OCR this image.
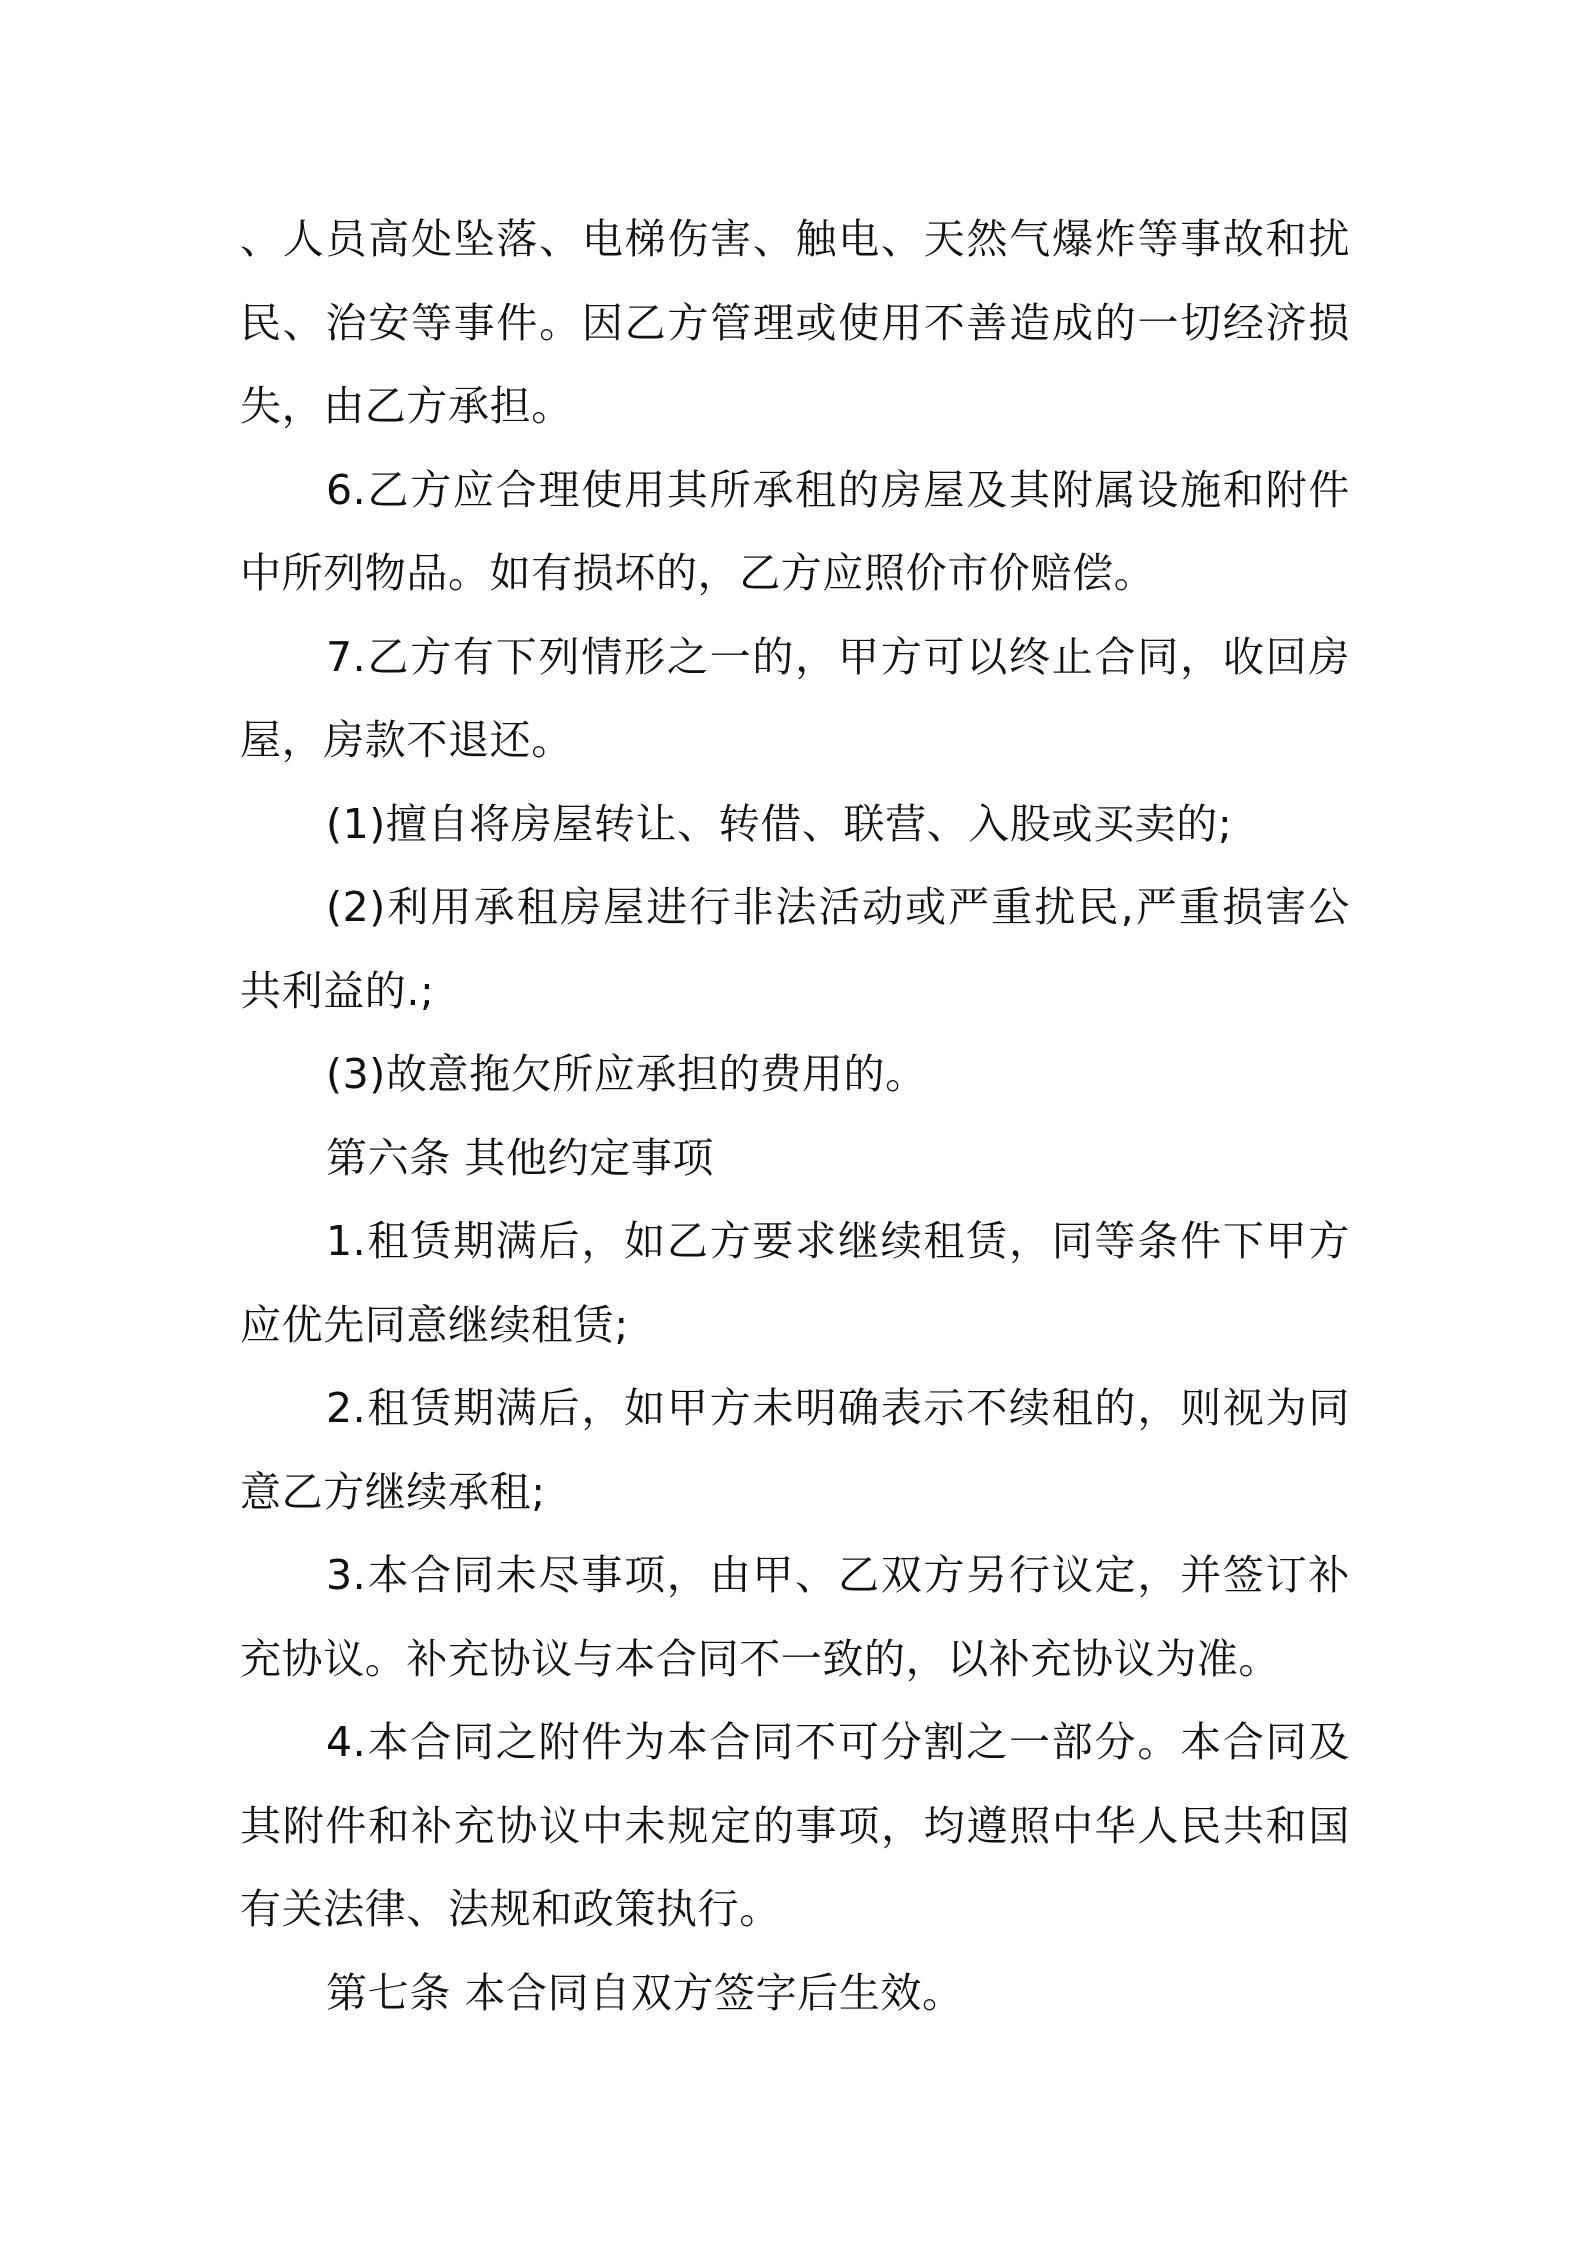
、人员高处坠落、电梯伤害、触电、天然气爆炸等事故和扰民、治安等事件。因乙方管理或使用不善造成的一切经济损失，由乙方承担。

6.乙方应合理使用其所承租的房屋及其附属设施和附件中所列物品。如有损坏的，乙方应照价市价赔偿。

7.乙方有下列情形之一的，甲方可以终止合同，收回房屋，房款不退还。

(1)擅自将房屋转让、转借、联营、入股或买卖的;

(2)利用承租房屋进行非法活动或严重扰民,严重损害公共利益的.;

(3)故意拖欠所应承担的费用的。

第六条 其他约定事项

1.租赁期满后，如乙方要求继续租赁，同等条件下甲方应优先同意继续租赁;

2.租赁期满后，如甲方未明确表示不续租的，则视为同意乙方继续承租;

3.本合同未尽事项，由甲、乙双方另行议定，并签订补充协议。补充协议与本合同不一致的，以补充协议为准。

4.本合同之附件为本合同不可分割之一部分。本合同及其附件和补充协议中未规定的事项，均遵照中华人民共和国有关法律、法规和政策执行。

第七条 本合同自双方签字后生效。
